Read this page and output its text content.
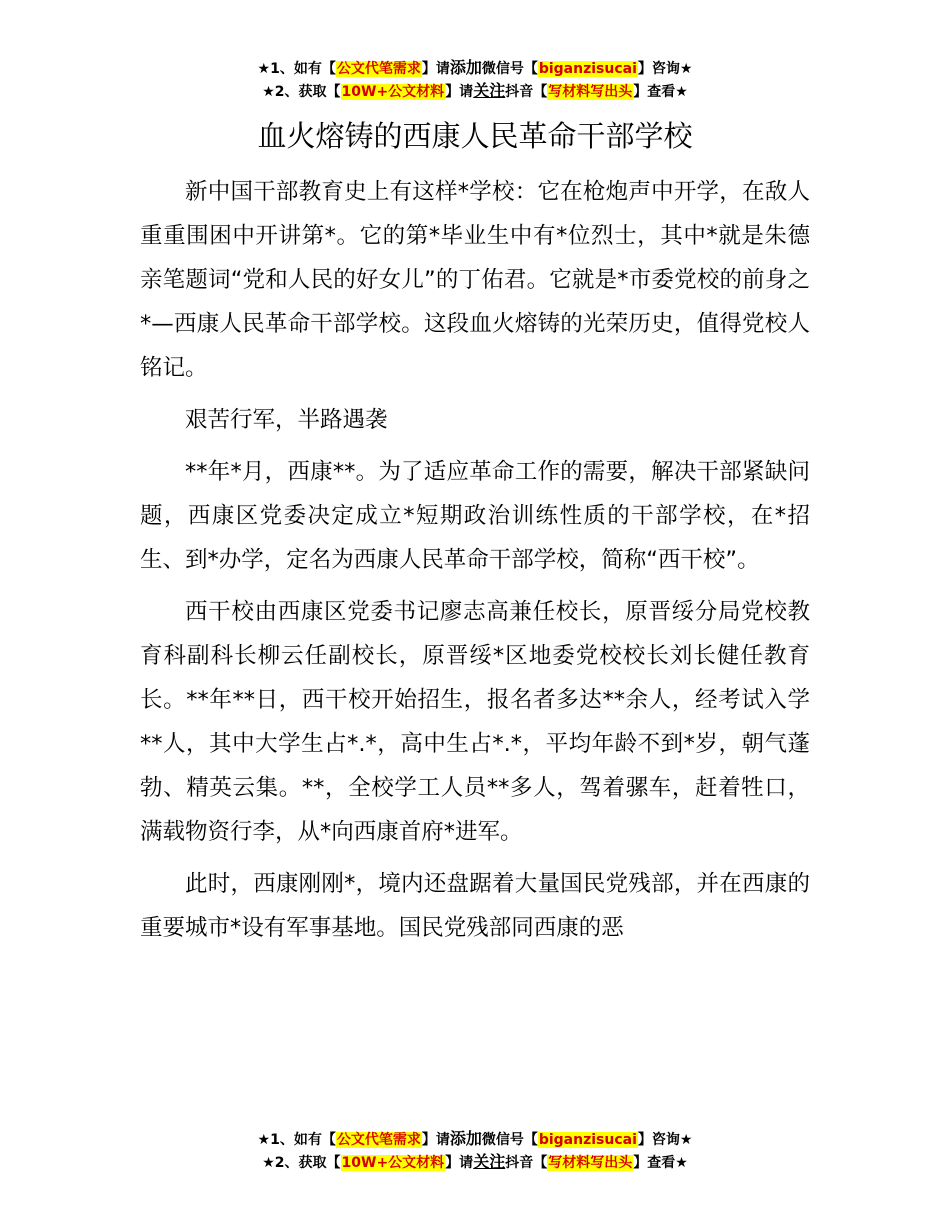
★1、如有【公文代笔需求】请添加微信号【biganzisucai】咨询★
★2、获取【10W+公文材料】请关注抖音【写材料写出头】查看★
血火熔铸的西康人民革命干部学校

新中国干部教育史上有这样*学校：它在枪炮声中开学，在敌人重重围困中开讲第*。它的第*毕业生中有*位烈士，其中*就是朱德亲笔题词“党和人民的好女儿”的丁佑君。它就是*市委党校的前身之*—西康人民革命干部学校。这段血火熔铸的光荣历史，值得党校人铭记。

艰苦行军，半路遇袭

**年*月，西康**。为了适应革命工作的需要，解决干部紧缺问题，西康区党委决定成立*短期政治训练性质的干部学校，在*招生、到*办学，定名为西康人民革命干部学校，简称“西干校”。

西干校由西康区党委书记廖志高兼任校长，原晋绥分局党校教育科副科长柳云任副校长，原晋绥*区地委党校校长刘长健任教育长。**年**日，西干校开始招生，报名者多达**余人，经考试入学**人，其中大学生占*.*，高中生占*.*，平均年龄不到*岁，朝气蓬勃、精英云集。**，全校学工人员**多人，驾着骡车，赶着牲口，满载物资行李，从*向西康首府*进军。

此时，西康刚刚*，境内还盘踞着大量国民党残部，并在西康的重要城市*设有军事基地。国民党残部同西康的恶

★1、如有【公文代笔需求】请添加微信号【biganzisucai】咨询★
★2、获取【10W+公文材料】请关注抖音【写材料写出头】查看★
